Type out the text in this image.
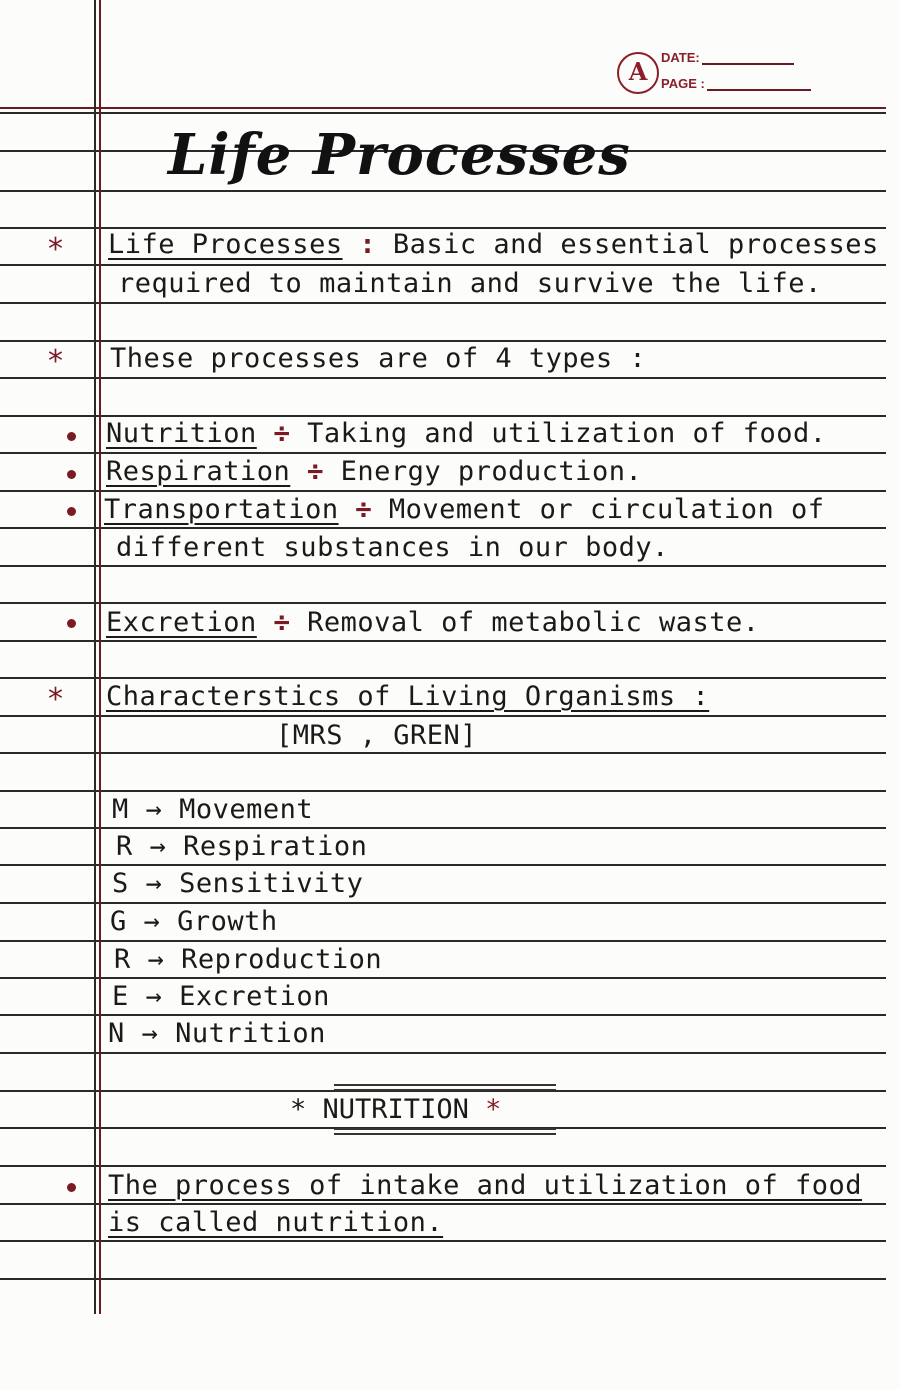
A	DATE:
PAGE :
Life Processes
* Life Processes : Basic and essential processes
required to maintain and survive the life.
* These processes are of 4 types :
Nutrition ÷ Taking and utilization of food.
Respiration ÷ Energy production.
Transportation ÷ Movement or circulation of
different substances in our body.
Excretion ÷ Removal of metabolic waste.
* Characterstics of Living Organisms :
[MRS , GREN]
M → Movement
R → Respiration
S → Sensitivity
G → Growth
R → Reproduction
E → Excretion
N → Nutrition
* NUTRITION *
The process of intake and utilization of food
is called nutrition.
